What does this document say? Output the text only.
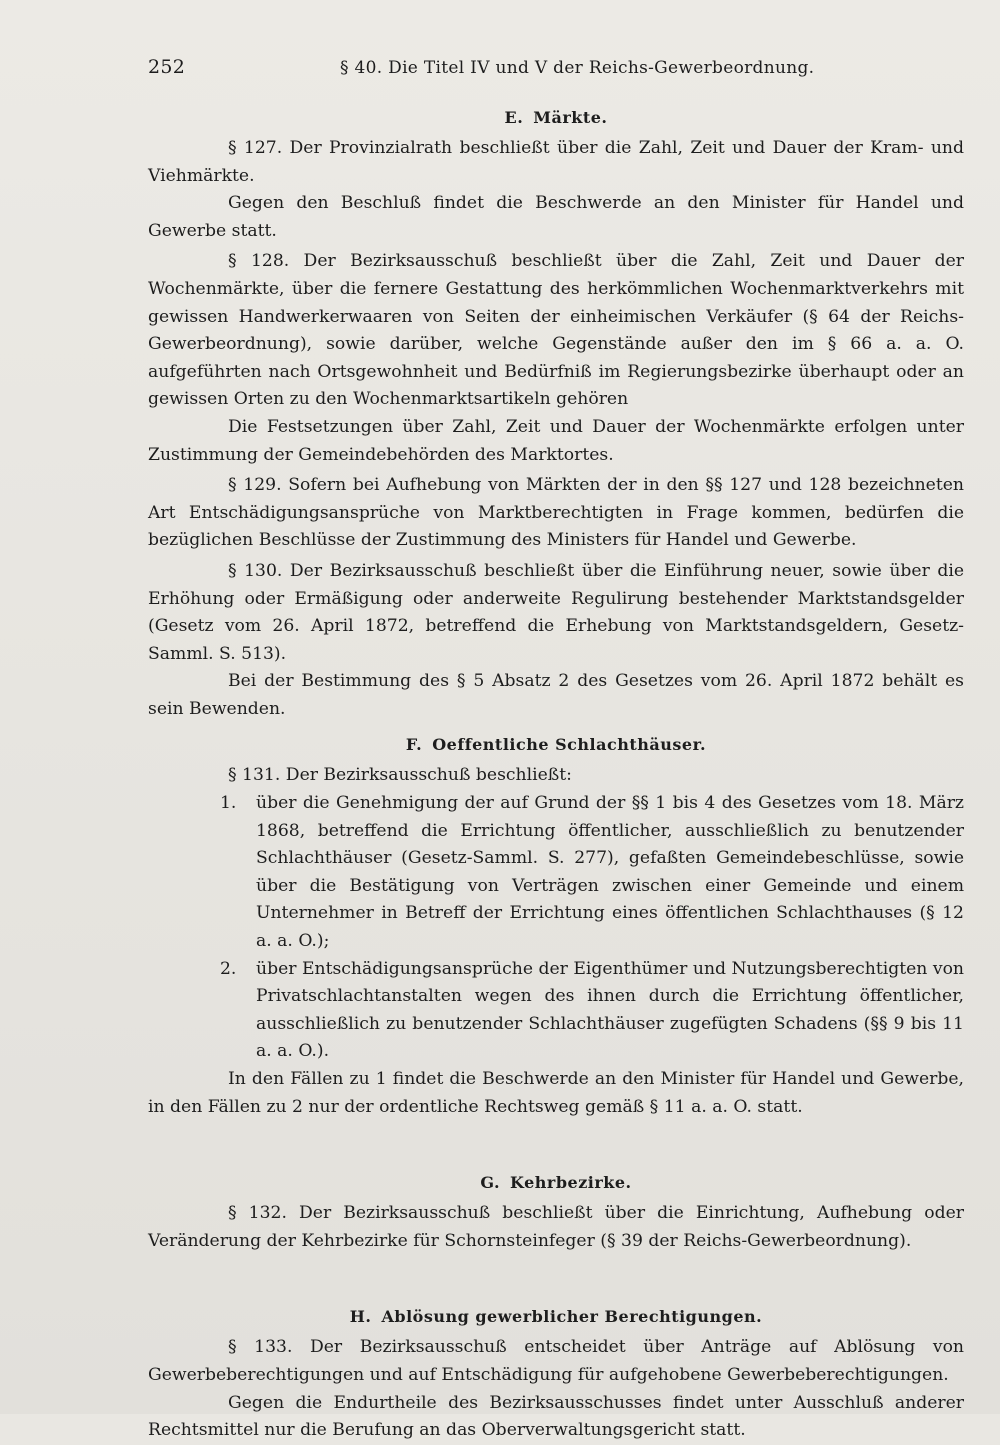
252	§ 40. Die Titel IV und V der Reichs-Gewerbeordnung.
E. Märkte.

§ 127. Der Provinzialrath beschließt über die Zahl, Zeit und Dauer der Kram- und Viehmärkte.

Gegen den Beschluß findet die Beschwerde an den Minister für Handel und Gewerbe statt.

§ 128. Der Bezirksausschuß beschließt über die Zahl, Zeit und Dauer der Wochenmärkte, über die fernere Gestattung des herkömmlichen Wochenmarktverkehrs mit gewissen Handwerkerwaaren von Seiten der einheimischen Verkäufer (§ 64 der Reichs-Gewerbeordnung), sowie darüber, welche Gegenstände außer den im § 66 a. a. O. aufgeführten nach Ortsgewohnheit und Bedürfniß im Regierungsbezirke überhaupt oder an gewissen Orten zu den Wochenmarktsartikeln gehören

Die Festsetzungen über Zahl, Zeit und Dauer der Wochenmärkte erfolgen unter Zustimmung der Gemeindebehörden des Marktortes.

§ 129. Sofern bei Aufhebung von Märkten der in den §§ 127 und 128 bezeichneten Art Entschädigungsansprüche von Marktberechtigten in Frage kommen, bedürfen die bezüglichen Beschlüsse der Zustimmung des Ministers für Handel und Gewerbe.

§ 130. Der Bezirksausschuß beschließt über die Einführung neuer, sowie über die Erhöhung oder Ermäßigung oder anderweite Regulirung bestehender Marktstandsgelder (Gesetz vom 26. April 1872, betreffend die Erhebung von Marktstandsgeldern, Gesetz-Samml. S. 513).

Bei der Bestimmung des § 5 Absatz 2 des Gesetzes vom 26. April 1872 behält es sein Bewenden.

F. Oeffentliche Schlachthäuser.

§ 131. Der Bezirksausschuß beschließt:

1.	über die Genehmigung der auf Grund der §§ 1 bis 4 des Gesetzes vom 18. März 1868, betreffend die Errichtung öffentlicher, ausschließlich zu benutzender Schlachthäuser (Gesetz-Samml. S. 277), gefaßten Gemeindebeschlüsse, sowie über die Bestätigung von Verträgen zwischen einer Gemeinde und einem Unternehmer in Betreff der Errichtung eines öffentlichen Schlachthauses (§ 12 a. a. O.);
2.	über Entschädigungsansprüche der Eigenthümer und Nutzungsberechtigten von Privatschlachtanstalten wegen des ihnen durch die Errichtung öffentlicher, ausschließlich zu benutzender Schlachthäuser zugefügten Schadens (§§ 9 bis 11 a. a. O.).

In den Fällen zu 1 findet die Beschwerde an den Minister für Handel und Gewerbe, in den Fällen zu 2 nur der ordentliche Rechtsweg gemäß § 11 a. a. O. statt.

G. Kehrbezirke.

§ 132. Der Bezirksausschuß beschließt über die Einrichtung, Aufhebung oder Veränderung der Kehrbezirke für Schornsteinfeger (§ 39 der Reichs-Gewerbeordnung).

H. Ablösung gewerblicher Berechtigungen.

§ 133. Der Bezirksausschuß entscheidet über Anträge auf Ablösung von Gewerbeberechtigungen und auf Entschädigung für aufgehobene Gewerbeberechtigungen.

Gegen die Endurtheile des Bezirksausschusses findet unter Ausschluß anderer Rechtsmittel nur die Berufung an das Oberverwaltungsgericht statt.
